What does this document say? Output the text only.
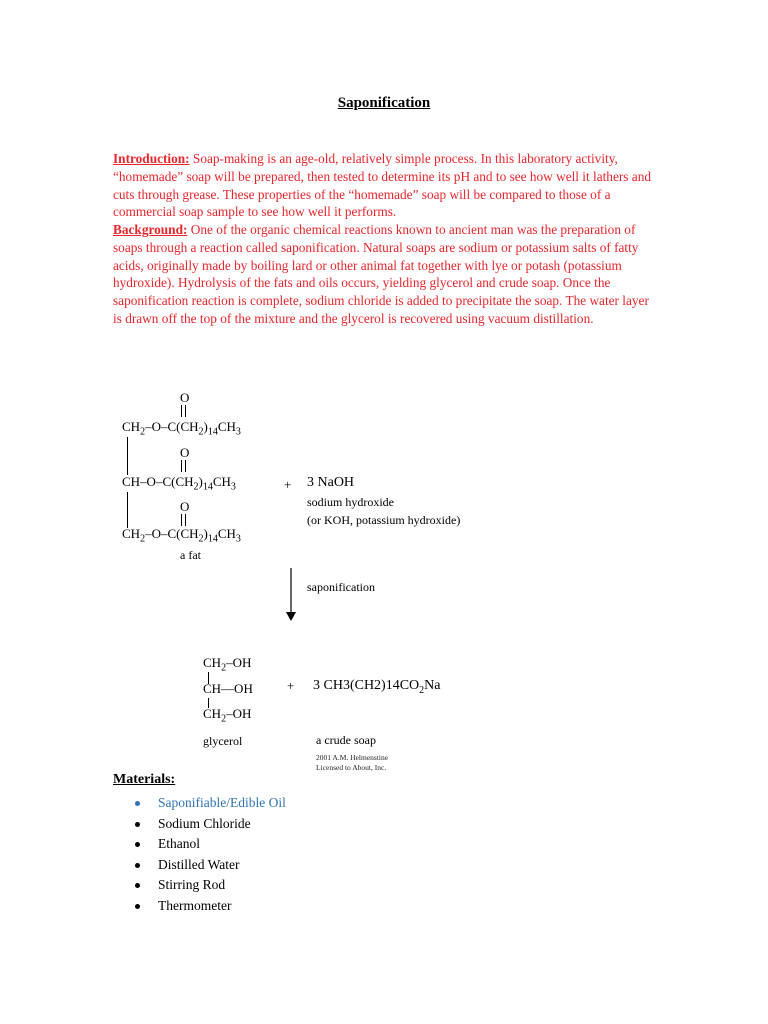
Saponification

Introduction: Soap-making is an age-old, relatively simple process. In this laboratory activity, “homemade” soap will be prepared, then tested to determine its pH and to see how well it lathers and cuts through grease. These properties of the “homemade” soap will be compared to those of a commercial soap sample to see how well it performs.

Background: One of the organic chemical reactions known to ancient man was the preparation of soaps through a reaction called saponification. Natural soaps are sodium or potassium salts of fatty acids, originally made by boiling lard or other animal fat together with lye or potash (potassium hydroxide). Hydrolysis of the fats and oils occurs, yielding glycerol and crude soap. Once the saponification reaction is complete, sodium chloride is added to precipitate the soap. The water layer is drawn off the top of the mixture and the glycerol is recovered using vacuum distillation.

O
$CH_2-O-C(CH_2)_{14}CH_3$
O
$CH-O-C(CH_2)_{14}CH_3$
O
$CH_2-O-C(CH_2)_{14}CH_3$
a fat
+ 3 NaOH
sodium hydroxide
(or KOH, potassium hydroxide)
saponification
$CH_2-OH$
CH—OH
$CH_2-OH$
glycerol
+ 3 $CH3(CH2)14CO_2Na$
a crude soap
2001 A.M. Helmenstine
Licensed to About, Inc.
Materials:
Saponifiable/Edible Oil
Sodium Chloride
Ethanol
Distilled Water
Stirring Rod
Thermometer
